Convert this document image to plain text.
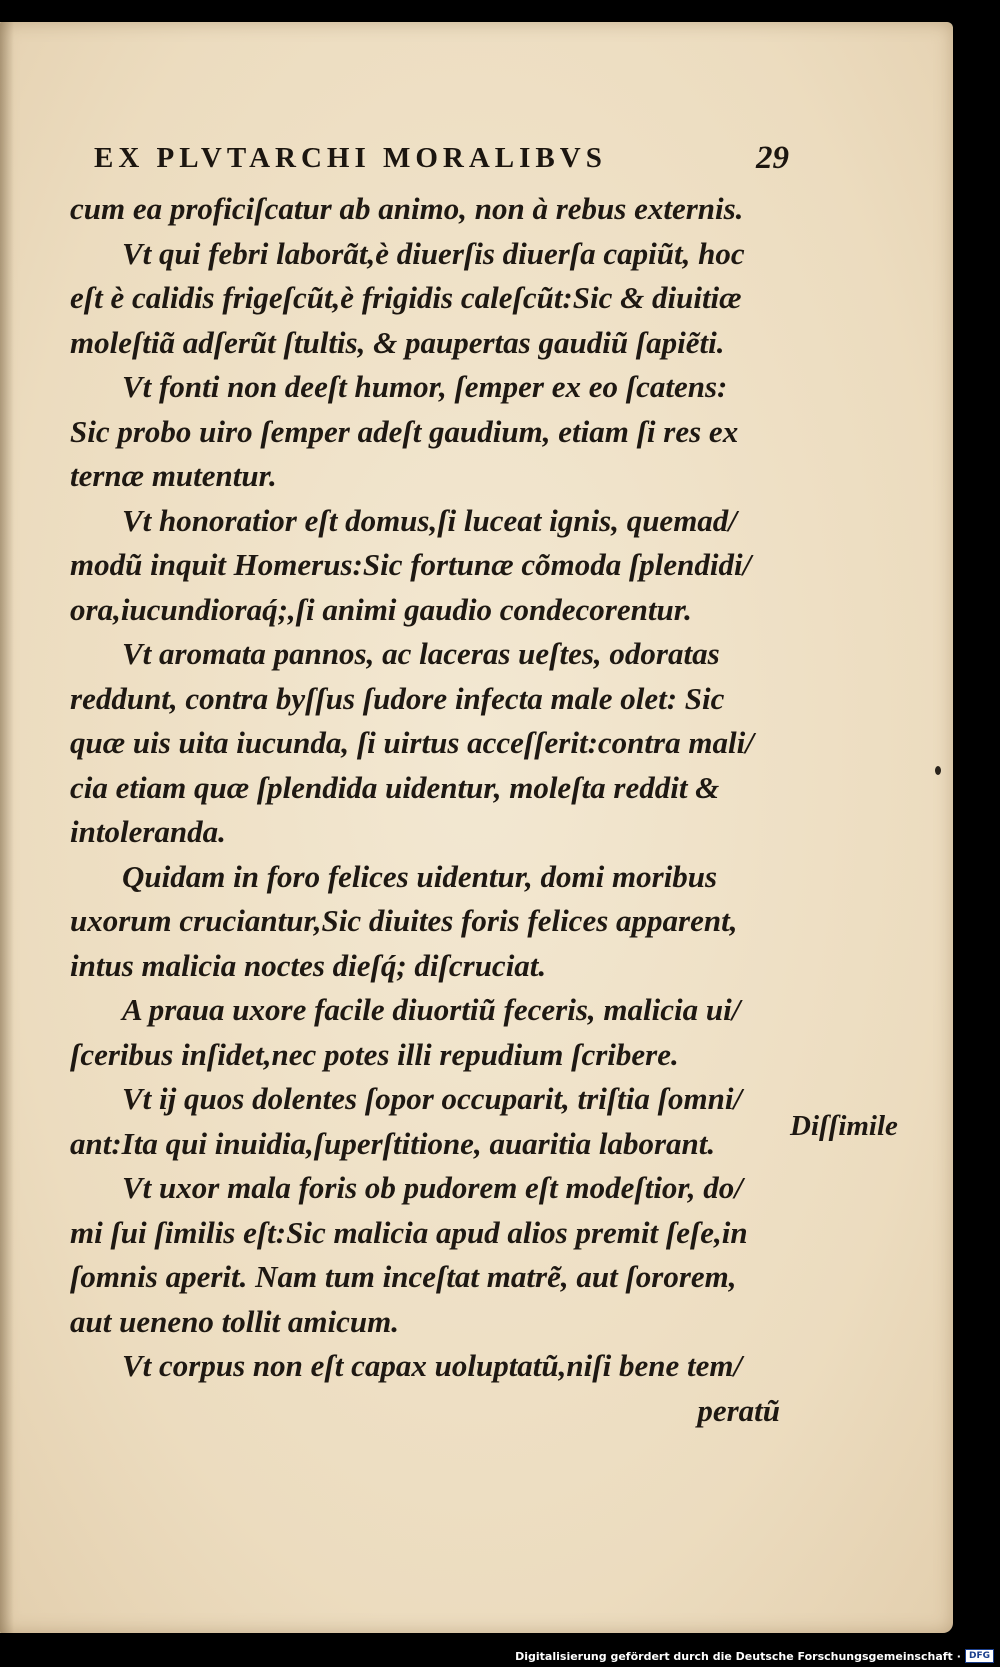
EX PLVTARCHI MORALIBVS	29
cum ea proficiſcatur ab animo, non à rebus externis.
Vt qui febri laborãt,è diuerſis diuerſa capiũt, hoc
eſt è calidis frigeſcũt,è frigidis caleſcũt:Sic & diuitiæ
moleſtiã adſerũt ſtultis, & paupertas gaudiũ ſapiẽti.
Vt fonti non deeſt humor, ſemper ex eo ſcatens:
Sic probo uiro ſemper adeſt gaudium, etiam ſi res ex
ternæ mutentur.
Vt honoratior eſt domus,ſi luceat ignis, quemad/
modũ inquit Homerus:Sic fortunæ cõmoda ſplendidi/
ora,iucundioraq́;,ſi animi gaudio condecorentur.
Vt aromata pannos, ac laceras ueſtes, odoratas
reddunt, contra byſſus ſudore infecta male olet: Sic
quæ uis uita iucunda, ſi uirtus acceſſerit:contra mali/
cia etiam quæ ſplendida uidentur, moleſta reddit &
intoleranda.
Quidam in foro felices uidentur, domi moribus
uxorum cruciantur,Sic diuites foris felices apparent,
intus malicia noctes dieſq́; diſcruciat.
A praua uxore facile diuortiũ feceris, malicia ui/
ſceribus inſidet,nec potes illi repudium ſcribere.
Vt ij quos dolentes ſopor occuparit, triſtia ſomni/
ant:Ita qui inuidia,ſuperſtitione, auaritia laborant.
Vt uxor mala foris ob pudorem eſt modeſtior, do/
mi ſui ſimilis eſt:Sic malicia apud alios premit ſeſe,in
ſomnis aperit. Nam tum inceſtat matrẽ, aut ſororem,
aut ueneno tollit amicum.
Vt corpus non eſt capax uoluptatũ,niſi bene tem/
peratũ
Diſſimile
Digitalisierung gefördert durch die Deutsche Forschungsgemeinschaft · DFG
